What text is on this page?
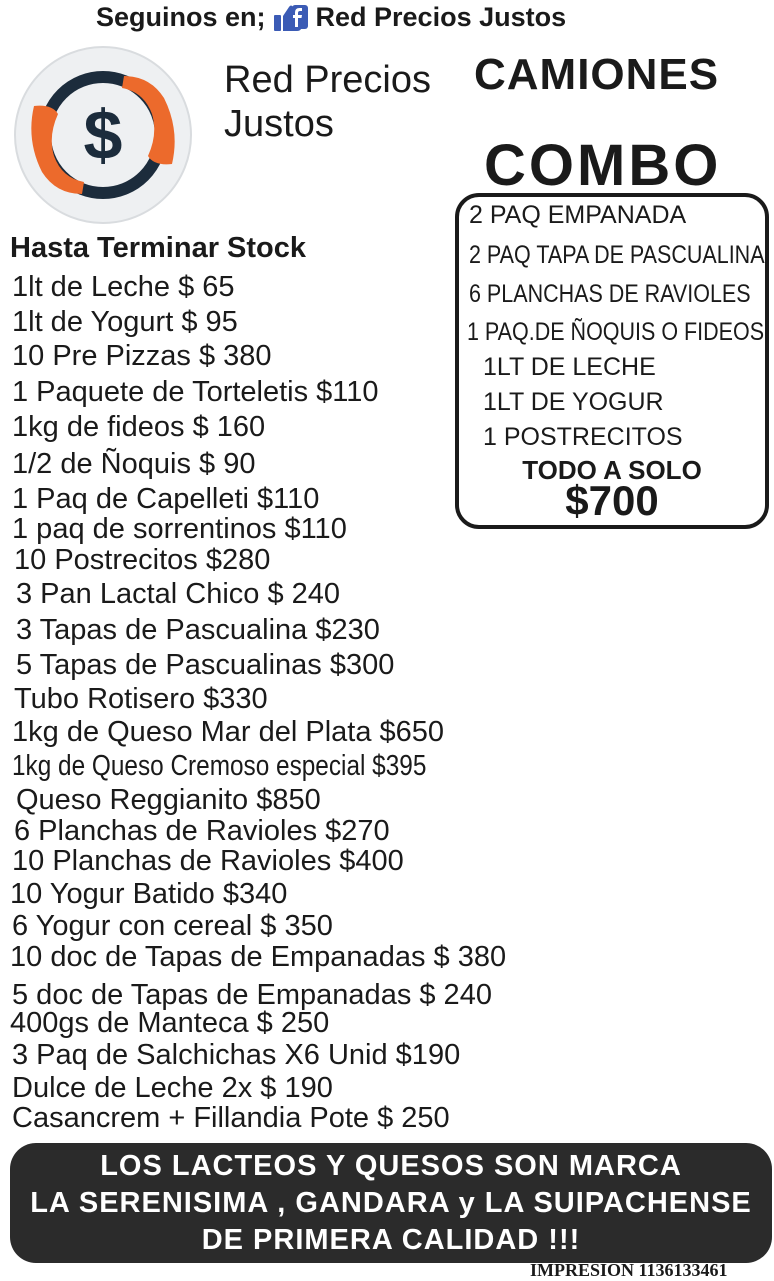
Seguinos en; Red Precios Justos
$
Red Precios Justos
CAMIONES
COMBO
2 PAQ EMPANADA
2 PAQ TAPA DE PASCUALINA
6 PLANCHAS DE RAVIOLES
1 PAQ.DE ÑOQUIS O FIDEOS
1LT DE LECHE
1LT DE YOGUR
1 POSTRECITOS
TODO A SOLO
$700
Hasta Terminar Stock
1lt de Leche $ 65
1lt de Yogurt $ 95
10 Pre Pizzas $ 380
1 Paquete de Torteletis $110
1kg de fideos $ 160
1/2 de Ñoquis $ 90
1 Paq de Capelleti $110
1 paq de sorrentinos $110
10 Postrecitos $280
3 Pan Lactal Chico $ 240
3 Tapas de Pascualina $230
5 Tapas de Pascualinas $300
Tubo Rotisero $330
1kg de Queso Mar del Plata $650
1kg de Queso Cremoso especial $395
Queso Reggianito $850
6 Planchas de Ravioles $270
10 Planchas de Ravioles $400
10 Yogur Batido $340
6 Yogur con cereal $ 350
10 doc de Tapas de Empanadas $ 380
5 doc de Tapas de Empanadas $ 240
400gs de Manteca $ 250
3 Paq de Salchichas X6 Unid $190
Dulce de Leche 2x $ 190
Casancrem + Fillandia Pote $ 250
LOS LACTEOS Y QUESOS SON MARCA
LA SERENISIMA , GANDARA y LA SUIPACHENSE
DE PRIMERA CALIDAD !!!
IMPRESION 1136133461
